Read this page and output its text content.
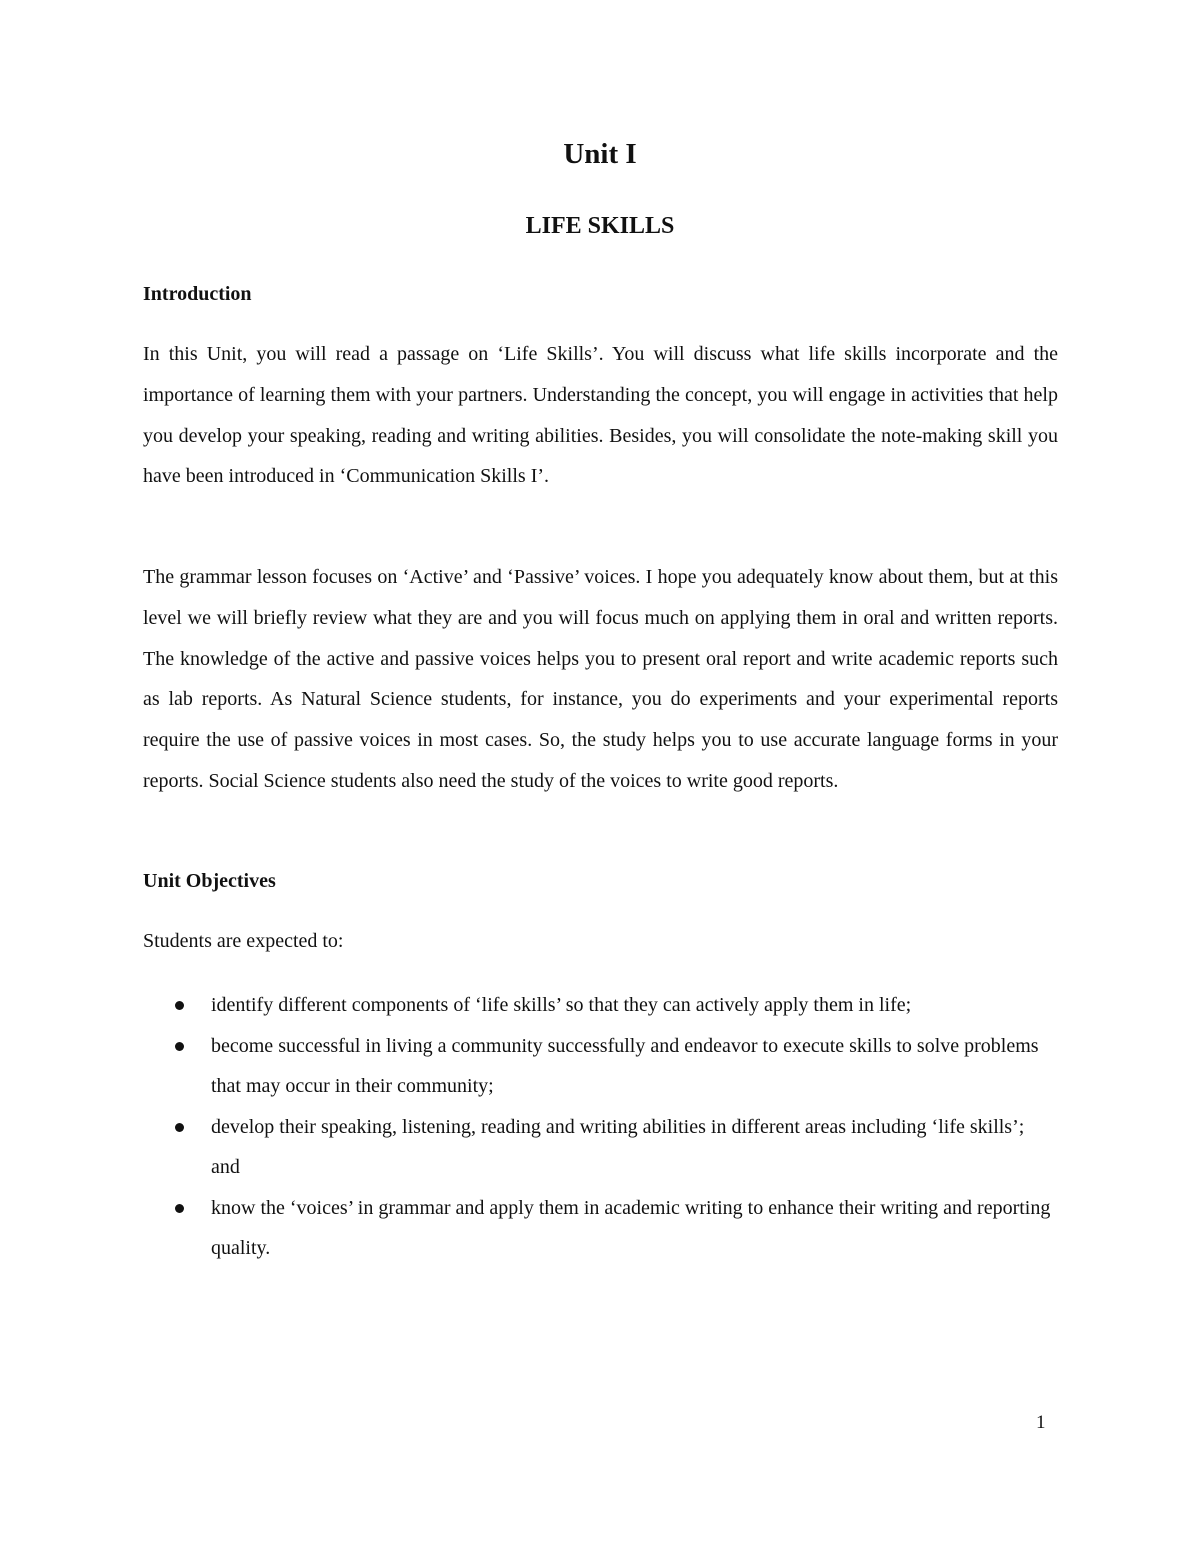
Unit I
LIFE SKILLS
Introduction
In this Unit, you will read a passage on ‘Life Skills’. You will discuss what life skills incorporate and the importance of learning them with your partners. Understanding the concept, you will engage in activities that help you develop your speaking, reading and writing abilities. Besides, you will consolidate the note-making skill you have been introduced in ‘Communication Skills I’.
The grammar lesson focuses on ‘Active’ and ‘Passive’ voices. I hope you adequately know about them, but at this level we will briefly review what they are and you will focus much on applying them in oral and written reports. The knowledge of the active and passive voices helps you to present oral report and write academic reports such as lab reports. As Natural Science students, for instance, you do experiments and your experimental reports require the use of passive voices in most cases. So, the study helps you to use accurate language forms in your reports. Social Science students also need the study of the voices to write good reports.
Unit Objectives
Students are expected to:
identify different components of ‘life skills’ so that they can actively apply them in life;
become successful in living a community successfully and endeavor to execute skills to solve problems that may occur in their community;
develop their speaking, listening, reading and writing abilities in different areas including ‘life skills’; and
know the ‘voices’ in grammar and apply them in academic writing to enhance their writing and reporting quality.
1
